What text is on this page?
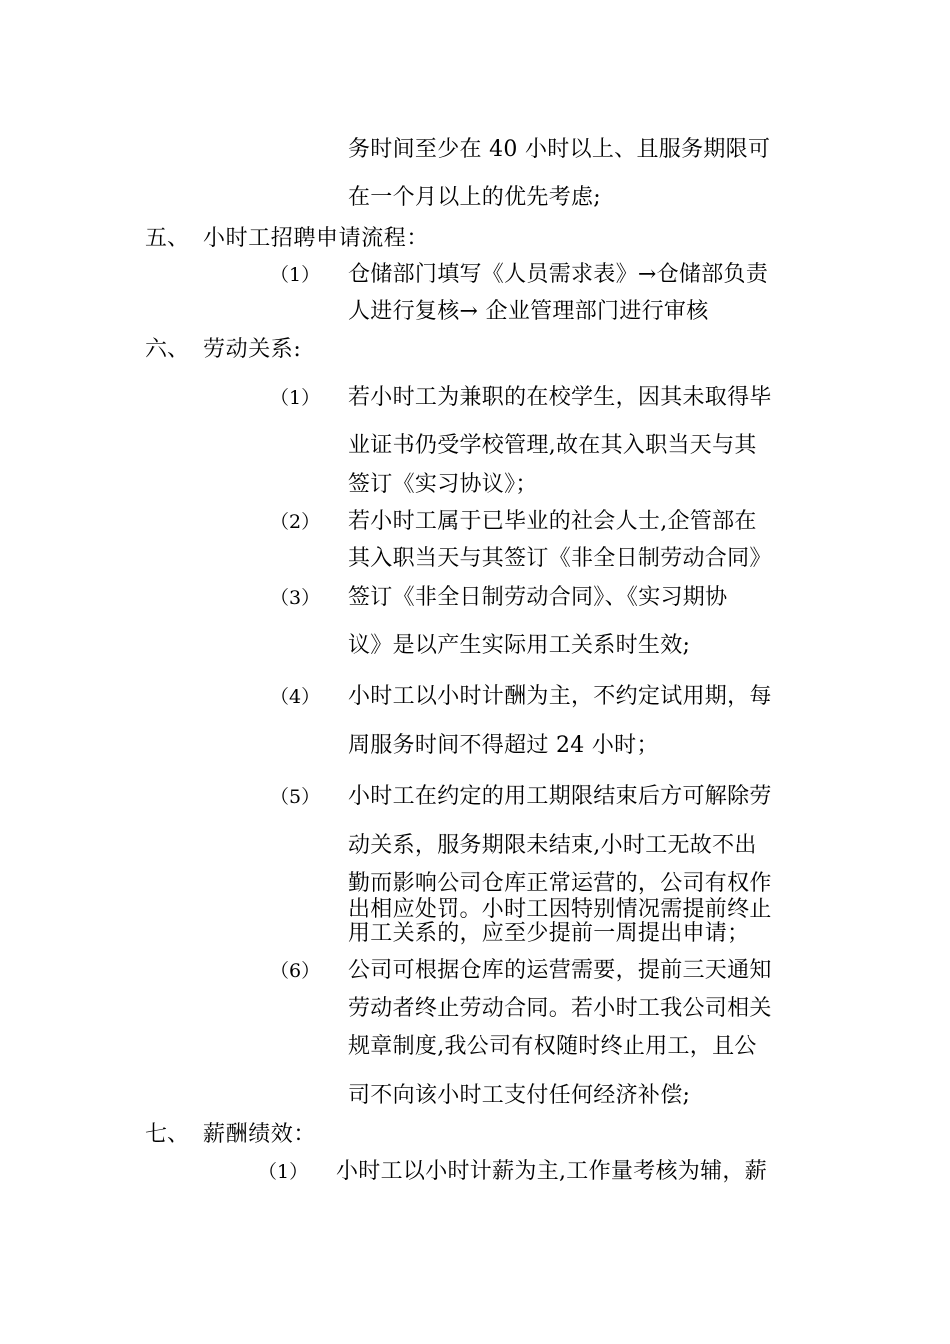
务时间至少在 40 小时以上、且服务期限可
在一个月以上的优先考虑;
五、 小时工招聘申请流程：
（1） 仓储部门填写《人员需求表》→仓储部负责
人进行复核→ 企业管理部门进行审核
六、 劳动关系:
（1） 若小时工为兼职的在校学生，因其未取得毕
业证书仍受学校管理,故在其入职当天与其
签订《实习协议》；
（2） 若小时工属于已毕业的社会人士,企管部在
其入职当天与其签订《非全日制劳动合同》
（3） 签订《非全日制劳动合同》、《实习期协
议》是以产生实际用工关系时生效;
（4） 小时工以小时计酬为主，不约定试用期，每
周服务时间不得超过 24 小时；
（5） 小时工在约定的用工期限结束后方可解除劳
动关系，服务期限未结束,小时工无故不出
勤而影响公司仓库正常运营的，公司有权作
出相应处罚。小时工因特别情况需提前终止
用工关系的，应至少提前一周提出申请；
（6） 公司可根据仓库的运营需要，提前三天通知
劳动者终止劳动合同。若小时工我公司相关
规章制度,我公司有权随时终止用工，且公
司不向该小时工支付任何经济补偿;
七、 薪酬绩效：
（1） 小时工以小时计薪为主,工作量考核为辅，薪
